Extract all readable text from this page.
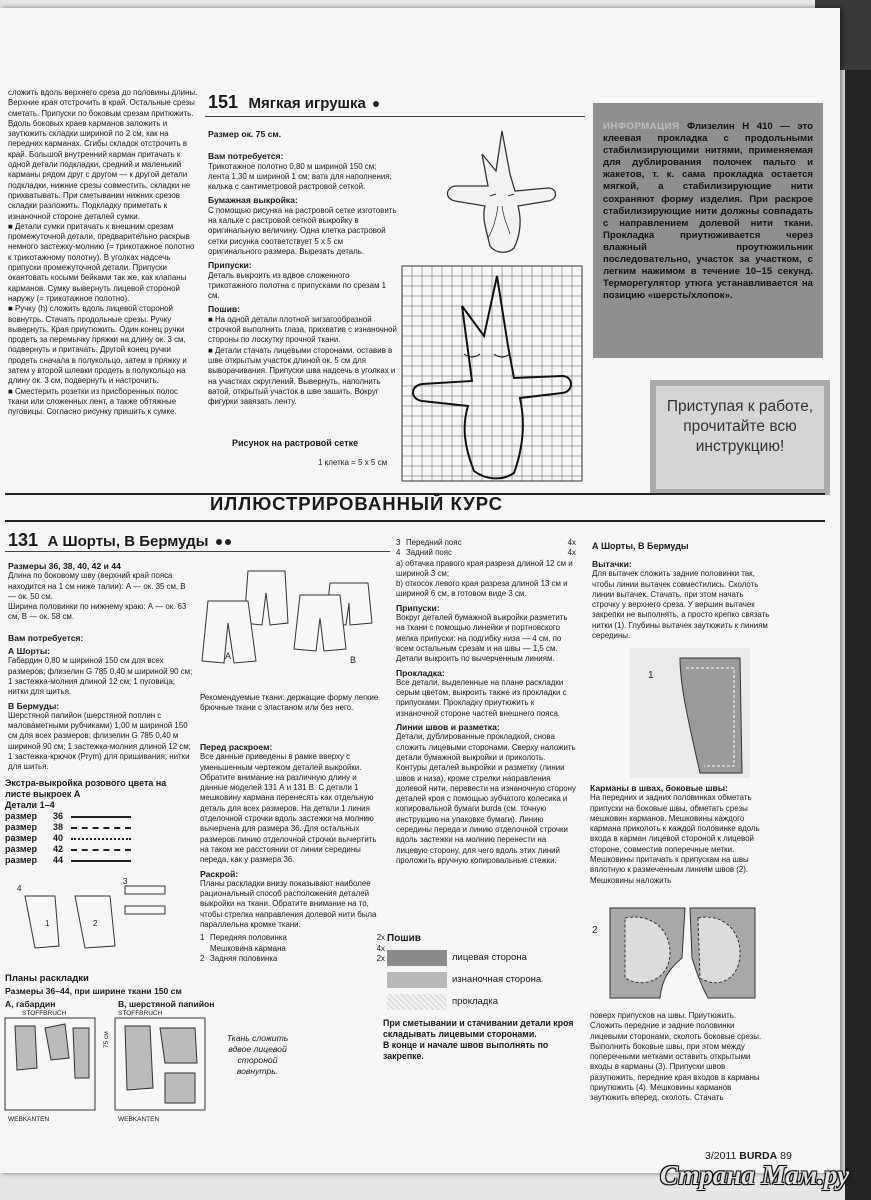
сложить вдоль верхнего среза до половины длины. Верхние края отстрочить в край. Остальные срезы сметать. Припуски по боковым срезам притюжить. Вдоль боковых краев карманов заложить и заутюжить складки шириной по 2 см, как на передних карманах. Сгибы складок отстрочить в край. Большой внутренний карман притачать к одной детали подкладки, средний и маленький карманы рядом друг с другом — к другой детали подкладки, нижние срезы совместить, складки не прихватывать. При сметывании нижних срезов складки разложить. Подкладку приметать к изнаночной стороне деталей сумки.
■ Детали сумки притачать к внешним срезам промежуточной детали, предварительно раскрыв немного застежку-молнию (= трикотажное полотно к трикотажному полотну). В уголках надсечь припуски промежуточной детали. Припуски окантовать косыми бейками так же, как клапаны карманов. Сумку вывернуть лицевой стороной наружу (= трикотажное полотно).
■ Ручку (h) сложить вдоль лицевой стороной вовнутрь. Стачать продольные срезы. Ручку вывернуть. Края приутюжить. Один конец ручки продеть за перемычку пряжки на длину ок. 3 см, подвернуть и притачать. Другой конец ручки продеть сначала в полукольцо, затем в пряжку и затем у второй шлевки продеть в полукольцо на длину ок. 3 см, подвернуть и настрочить.
■ Сместерить розетки из присборенных полос ткани или сложенных лент, а также обтяжные пуговицы. Согласно рисунку пришить к сумке.

151 Мягкая игрушка

Размер ок. 75 см.

Вам потребуется:

Трикотажное полотно 0,80 м шириной 150 см; лента 1,30 м шириной 1 см; вата для наполнения; калька с сантиметровой растровой сеткой.

Бумажная выкройка:

С помощью рисунка на растровой сетке изготовить на кальке с растровой сеткой выкройку в оригинальную величину. Одна клетка растровой сетки рисунка соответствует 5 x 5 см оригинального размера. Вырезать деталь.

Припуски:

Деталь выкроить из вдвое сложенного трикотажного полотна с припусками по срезам 1 см.

Пошив:

■ На одной детали плотной зигзагообразной строчкой выполнить глаза, прихватив с изнаночной стороны по лоскутку прочной ткани.
■ Детали стачать лицевыми сторонами, оставив в шве открытым участок длиной ок. 5 см для выворачивания. Припуски шва надсечь в уголках и на участках скруглений. Вывернуть, наполнить ватой, открытый участок в шве зашить. Вокруг фигурки завязать ленту.

Рисунок на растровой сетке
1 клетка = 5 x 5 см
ИНФОРМАЦИЯ Флизелин H 410 — это клеевая прокладка с продольными стабилизирующими нитями, применяемая для дублирования полочек пальто и жакетов, т. к. сама прокладка остается мягкой, а стабилизирующие нити сохраняют форму изделия. При раскрое стабилизирующие нити должны совпадать с направлением долевой нити ткани. Прокладка приутюживается через влажный проутюжильник последовательно, участок за участком, с легким нажимом в течение 10–15 секунд. Терморегулятор утюга устанавливается на позицию «шерсть/хлопок».
Приступая к работе, прочитайте всю инструкцию!
ИЛЛЮСТРИРОВАННЫЙ КУРС
131 А Шорты, В Бермуды

Размеры 36, 38, 40, 42 и 44

Длина по боковому шву (верхний край пояса находится на 1 см ниже талии): А — ок. 35 см, B — ок. 50 см.
Ширина половинки по нижнему краю: А — ок. 63 см, B — ок. 58 см.

Вам потребуется:

А Шорты:

Габардин 0,80 м шириной 150 см для всех размеров; флизелин G 785 0,40 м шириной 90 см; 1 застежка-молния длиной 12 см; 1 пуговица; нитки для шитья.

B Бермуды:

Шерстяной папийон (шерстяной поплин с маловаметными рубчиками) 1,00 м шириной 150 см для всех размеров; флизелин G 785 0,40 м шириной 90 см; 1 застежка-молния длиной 12 см; 1 застежка-крючок (Prym) для пришивания; нитки для шитья.

A	B

Рекомендуемые ткани: держащие форму легкие брючные ткани с эластаном или без него.

Перед раскроем:

Все данные приведены в рамке вверху с уменьшенным чертежом деталей выкройки. Обратите внимание на различную длину и данные моделей 131 А и 131 B. С детали 1 мешковину кармана перенесять как отдельную деталь для всех размеров. На детали 1 линия отделочной строчки вдоль застежки на молнию вычерчена для размера 36. Для остальных размеров линию отделочной строчки вычертить на таком же расстоянии от линии середины переда, как у размера 36.

Раскрой:

Планы раскладки внизу показывают наиболее рациональный способ расположения деталей выкройки на ткани. Обратите внимание на то, чтобы стрелка направления долевой нити была параллельна кромке ткани.

1 Передняя половинка	2x
Мешковина кармана	4x
2 Задняя половинка	2x
3 Передний пояс	4x
4 Задний пояс	4x

а) обтачка правого края разреза длиной 12 см и шириной 3 см;
b) откосок левого края разреза длиной 13 см и шириной 6 см, в готовом виде 3 см.

Припуски:

Вокруг деталей бумажной выкройки разметить на ткани с помощью линейки и портновского мелка припуски: на подгибку низа — 4 см, по всем остальным срезам и на швы — 1,5 см. Детали выкроить по вычерченным линиям.

Прокладка:

Все детали, выделенные на плане раскладки серым цветом, выкроить также из прокладки с припусками. Прокладку приутюжить к изнаночной стороне частей внешнего пояса.

Линии швов и разметка:

Детали, дублированные прокладкой, снова сложить лицевыми сторонами. Сверху наложить детали бумажной выкройки и приколоть. Контуры деталей выкройки и разметку (линии швов и низа), кроме стрелки направления долевой нити, перевести на изнаночную сторону деталей кроя с помощью зубчатого колесика и копировальной бумаги burda (см. точную инструкцию на упаковке бумаги). Линию середины переда и линию отделочной строчки вдоль застежки на молнию перенести на лицевую сторону, для чего вдоль этих линий проложить вручную копировальные стежки.

Пошив
лицевая сторона
изнаночная сторона
прокладка

При сметывании и стачивании детали кроя складывать лицевыми сторонами.

В конце и начале швов выполнять по закрепке.

А Шорты, В Бермуды

Вытачки:

Для вытачек сложить задние половинки так, чтобы линии вытачек совместились. Сколоть линии вытачек. Стачать, при этом начать строчку у верхнего среза. У вершин вытачек закрепки не выполнять, а просто крепко связать нитки (1). Глубины вытачек заутюжить к линиям середины.

1

Карманы в швах, боковые швы:

На передних и задних половинках обметать припуски на боковые швы, обметать срезы мешковин карманов. Мешковины каждого кармана приколоть к каждой половинке вдоль входа в карман лицевой стороной к лицевой стороне, совместив поперечные метки. Мешковины притачать к припускам на швы вплотную к размеченным линиям швов (2). Мешковины наложить

2

поверх припусков на швы. Приутюжить. Сложить передние и задние половинки лицевыми сторонами, сколоть боковые срезы. Выполнить боковые швы, при этом между поперечными метками оставить открытыми входы в карманы (3). Припуски швов разутюжить, передние края входов в карманы приутюжить (4). Мешковины карманов заутюжить вперед, сколоть. Стачать

Экстра-выкройка розового цвета на листе выкроек А
Детали 1–4
размер	36
размер	38
размер	40
размер	42
размер	44
4
3
1	2
Планы раскладки
Размеры 36–44, при ширине ткани 150 см
А, габардин	B, шерстяной папийон
STOFFBRUCH	STOFFBRUCH
75 см
WEBKANTEN	WEBKANTEN
Ткань сложить вдвое лицевой стороной вовнутрь.
3/2011 BURDA 89
Страна Мам.ру
